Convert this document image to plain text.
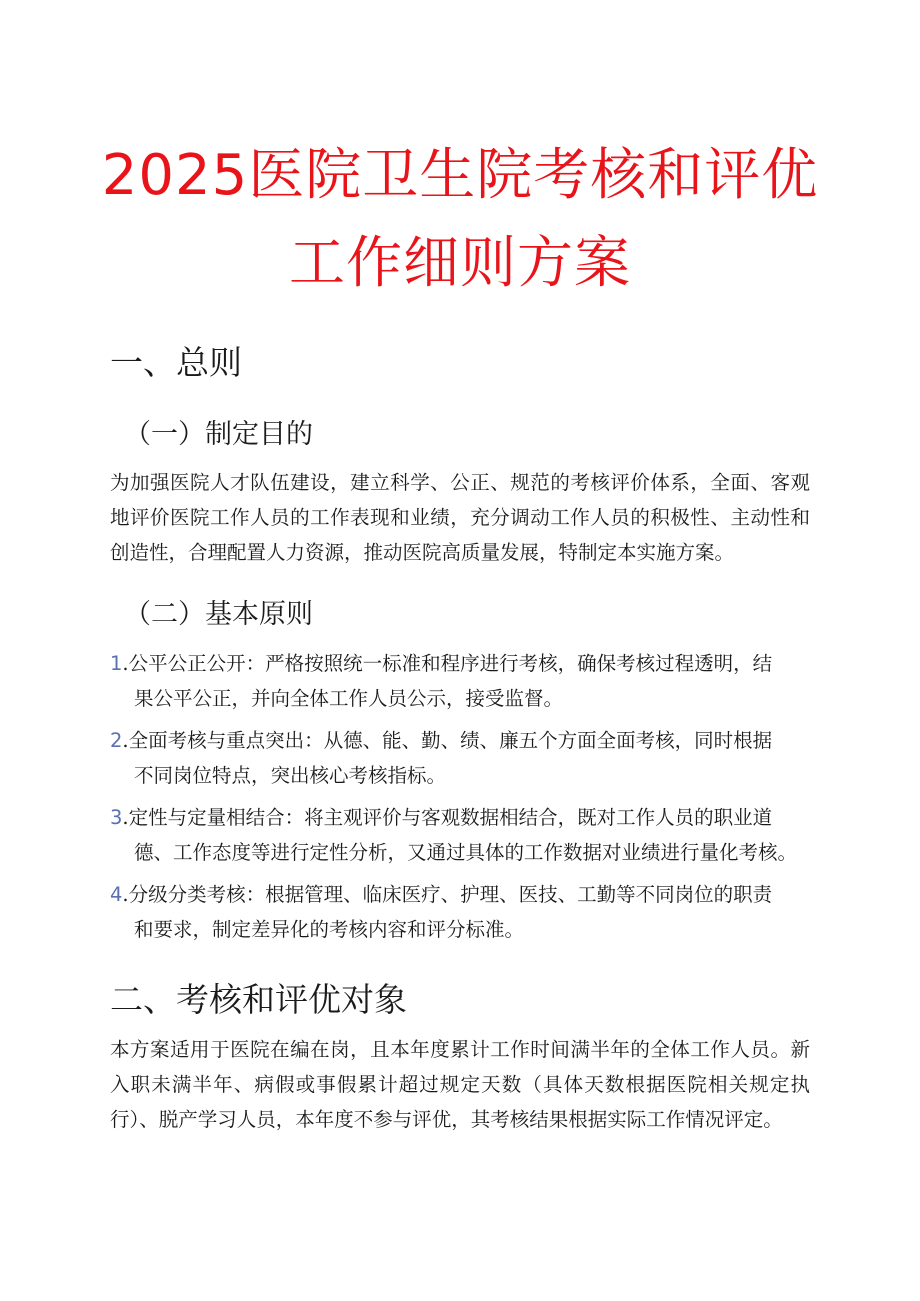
2025医院卫生院考核和评优
工作细则方案
一、总则
（一）制定目的

为加强医院人才队伍建设，建立科学、公正、规范的考核评价体系，全面、客观地评价医院工作人员的工作表现和业绩，充分调动工作人员的积极性、主动性和创造性，合理配置人力资源，推动医院高质量发展，特制定本实施方案。

（二）基本原则
1.公平公正公开：严格按照统一标准和程序进行考核，确保考核过程透明，结
果公平公正，并向全体工作人员公示，接受监督。
2.全面考核与重点突出：从德、能、勤、绩、廉五个方面全面考核，同时根据
不同岗位特点，突出核心考核指标。
3.定性与定量相结合：将主观评价与客观数据相结合，既对工作人员的职业道
德、工作态度等进行定性分析，又通过具体的工作数据对业绩进行量化考核。
4.分级分类考核：根据管理、临床医疗、护理、医技、工勤等不同岗位的职责
和要求，制定差异化的考核内容和评分标准。
二、考核和评优对象

本方案适用于医院在编在岗，且本年度累计工作时间满半年的全体工作人员。新入职未满半年、病假或事假累计超过规定天数（具体天数根据医院相关规定执行）、脱产学习人员，本年度不参与评优，其考核结果根据实际工作情况评定。
